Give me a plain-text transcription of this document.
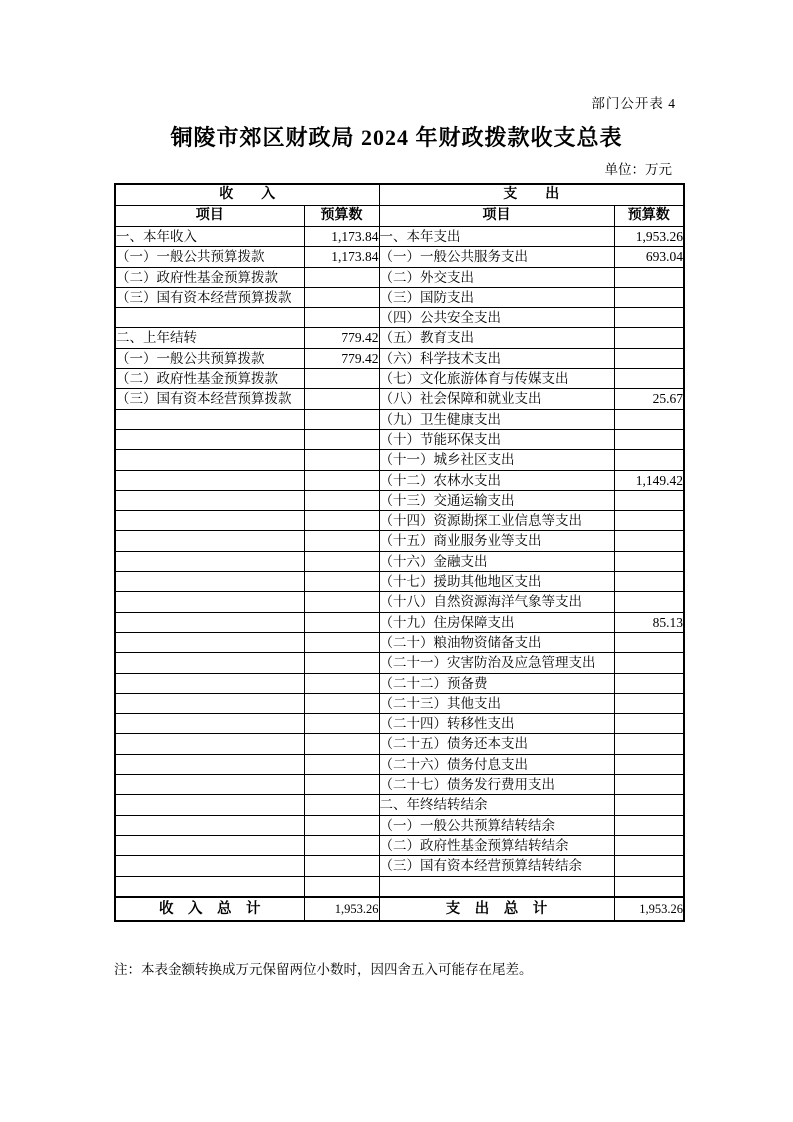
部门公开表 4
铜陵市郊区财政局 2024 年财政拨款收支总表
单位：万元
收　　入		支　　出	
项目	预算数	项目	预算数
一、本年收入	1,173.84	一、本年支出	1,953.26
（一）一般公共预算拨款	1,173.84	（一）一般公共服务支出	693.04
（二）政府性基金预算拨款		（二）外交支出	
（三）国有资本经营预算拨款		（三）国防支出	
		（四）公共安全支出	
二、上年结转	779.42	（五）教育支出	
（一）一般公共预算拨款	779.42	（六）科学技术支出	
（二）政府性基金预算拨款		（七）文化旅游体育与传媒支出	
（三）国有资本经营预算拨款		（八）社会保障和就业支出	25.67
		（九）卫生健康支出	
		（十）节能环保支出	
		（十一）城乡社区支出	
		（十二）农林水支出	1,149.42
		（十三）交通运输支出	
		（十四）资源勘探工业信息等支出	
		（十五）商业服务业等支出	
		（十六）金融支出	
		（十七）援助其他地区支出	
		（十八）自然资源海洋气象等支出	
		（十九）住房保障支出	85.13
		（二十）粮油物资储备支出	
		（二十一）灾害防治及应急管理支出	
		（二十二）预备费	
		（二十三）其他支出	
		（二十四）转移性支出	
		（二十五）债务还本支出	
		（二十六）债务付息支出	
		（二十七）债务发行费用支出	
		二、年终结转结余	
		（一）一般公共预算结转结余	
		（二）政府性基金预算结转结余	
		（三）国有资本经营预算结转结余	

收　入　总　计	1,953.26	支　出　总　计	1,953.26
注：本表金额转换成万元保留两位小数时，因四舍五入可能存在尾差。
